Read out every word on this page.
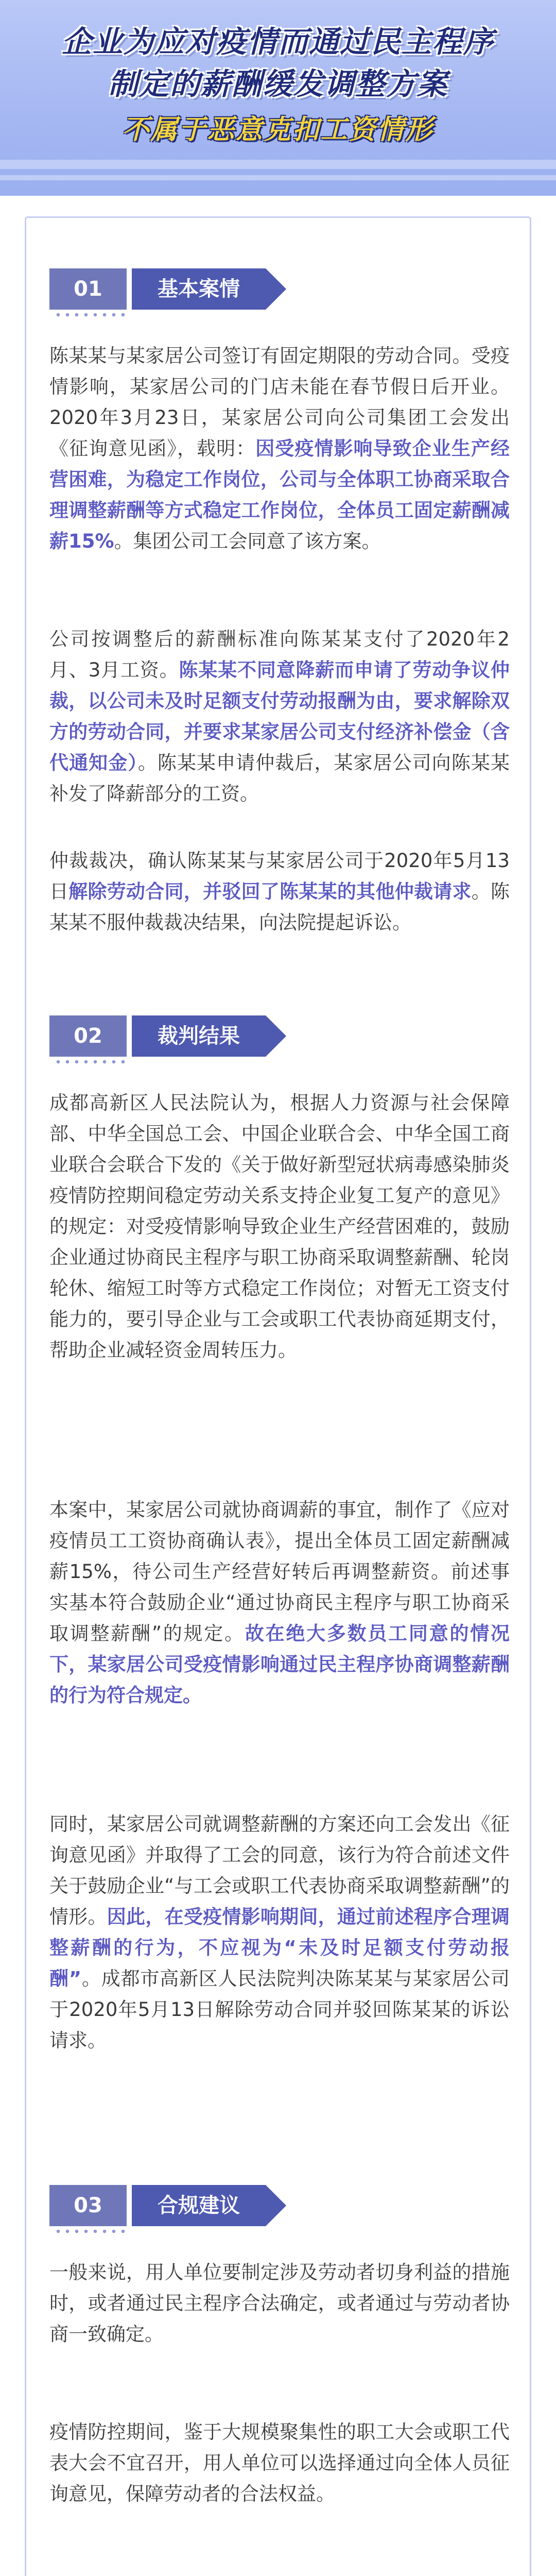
企业为应对疫情而通过民主程序
制定的薪酬缓发调整方案
不属于恶意克扣工资情形
01	基本案情

陈某某与某家居公司签订有固定期限的劳动合同。受疫情影响，某家居公司的门店未能在春节假日后开业。2020年3月23日，某家居公司向公司集团工会发出《征询意见函》，载明：因受疫情影响导致企业生产经营困难，为稳定工作岗位，公司与全体职工协商采取合理调整薪酬等方式稳定工作岗位，全体员工固定薪酬减薪15%。集团公司工会同意了该方案。

公司按调整后的薪酬标准向陈某某支付了2020年2月、3月工资。陈某某不同意降薪而申请了劳动争议仲裁，以公司未及时足额支付劳动报酬为由，要求解除双方的劳动合同，并要求某家居公司支付经济补偿金（含代通知金）。陈某某申请仲裁后，某家居公司向陈某某补发了降薪部分的工资。

仲裁裁决，确认陈某某与某家居公司于2020年5月13日解除劳动合同，并驳回了陈某某的其他仲裁请求。陈某某不服仲裁裁决结果，向法院提起诉讼。

02	裁判结果

成都高新区人民法院认为，根据人力资源与社会保障部、中华全国总工会、中国企业联合会、中华全国工商业联合会联合下发的《关于做好新型冠状病毒感染肺炎疫情防控期间稳定劳动关系支持企业复工复产的意见》的规定：对受疫情影响导致企业生产经营困难的，鼓励企业通过协商民主程序与职工协商采取调整薪酬、轮岗轮休、缩短工时等方式稳定工作岗位；对暂无工资支付能力的，要引导企业与工会或职工代表协商延期支付，帮助企业减轻资金周转压力。

本案中，某家居公司就协商调薪的事宜，制作了《应对疫情员工工资协商确认表》，提出全体员工固定薪酬减薪15%，待公司生产经营好转后再调整薪资。前述事实基本符合鼓励企业“通过协商民主程序与职工协商采取调整薪酬”的规定。故在绝大多数员工同意的情况下，某家居公司受疫情影响通过民主程序协商调整薪酬的行为符合规定。

同时，某家居公司就调整薪酬的方案还向工会发出《征询意见函》并取得了工会的同意，该行为符合前述文件关于鼓励企业“与工会或职工代表协商采取调整薪酬”的情形。因此，在受疫情影响期间，通过前述程序合理调整薪酬的行为，不应视为“未及时足额支付劳动报酬”。成都市高新区人民法院判决陈某某与某家居公司于2020年5月13日解除劳动合同并驳回陈某某的诉讼请求。

03	合规建议

一般来说，用人单位要制定涉及劳动者切身利益的措施时，或者通过民主程序合法确定，或者通过与劳动者协商一致确定。

疫情防控期间，鉴于大规模聚集性的职工大会或职工代表大会不宜召开，用人单位可以选择通过向全体人员征询意见，保障劳动者的合法权益。
